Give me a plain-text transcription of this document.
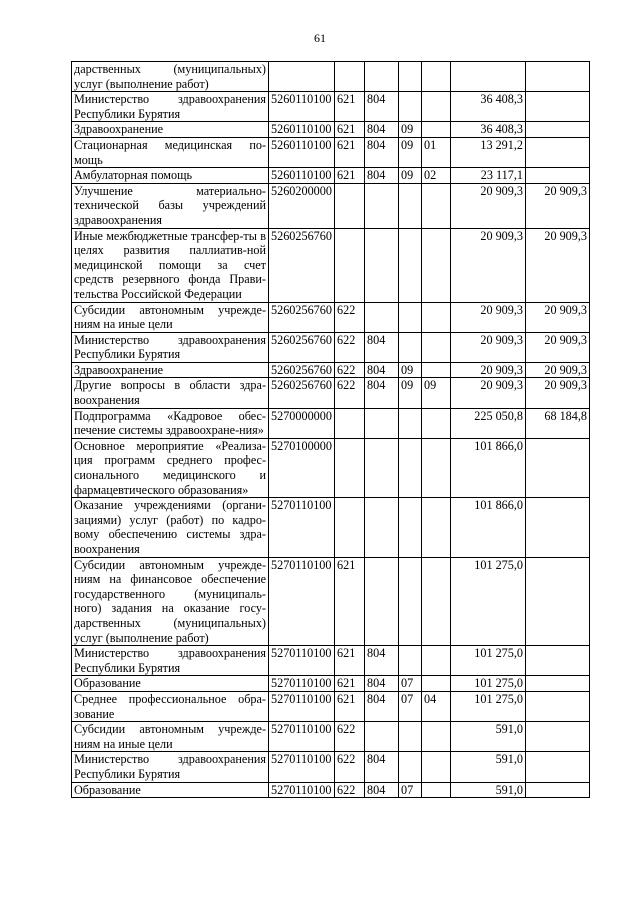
61
дарственных (муниципальных) услуг (выполнение работ)							
Министерство здравоохранения Республики Бурятия	5260110100	621	804			36 408,3	
Здравоохранение	5260110100	621	804	09		36 408,3	
Стационарная медицинская по-мощь	5260110100	621	804	09	01	13 291,2	
Амбулаторная помощь	5260110100	621	804	09	02	23 117,1	
Улучшение материально-технической базы учреждений здравоохранения	5260200000					20 909,3	20 909,3
Иные межбюджетные трансфер-ты в целях развития паллиатив-ной медицинской помощи за счет средств резервного фонда Прави-тельства Российской Федерации	5260256760					20 909,3	20 909,3
Субсидии автономным учрежде-ниям на иные цели	5260256760	622				20 909,3	20 909,3
Министерство здравоохранения Республики Бурятия	5260256760	622	804			20 909,3	20 909,3
Здравоохранение	5260256760	622	804	09		20 909,3	20 909,3
Другие вопросы в области здра-воохранения	5260256760	622	804	09	09	20 909,3	20 909,3
Подпрограмма «Кадровое обес-печение системы здравоохране-ния»	5270000000					225 050,8	68 184,8
Основное мероприятие «Реализа-ция программ среднего профес-сионального медицинского и фармацевтического образования»	5270100000					101 866,0	
Оказание учреждениями (органи-зациями) услуг (работ) по кадро-вому обеспечению системы здра-воохранения	5270110100					101 866,0	
Субсидии автономным учрежде-ниям на финансовое обеспечение государственного (муниципаль-ного) задания на оказание госу-дарственных (муниципальных) услуг (выполнение работ)	5270110100	621				101 275,0	
Министерство здравоохранения Республики Бурятия	5270110100	621	804			101 275,0	
Образование	5270110100	621	804	07		101 275,0	
Среднее профессиональное обра-зование	5270110100	621	804	07	04	101 275,0	
Субсидии автономным учрежде-ниям на иные цели	5270110100	622				591,0	
Министерство здравоохранения Республики Бурятия	5270110100	622	804			591,0	
Образование	5270110100	622	804	07		591,0	
